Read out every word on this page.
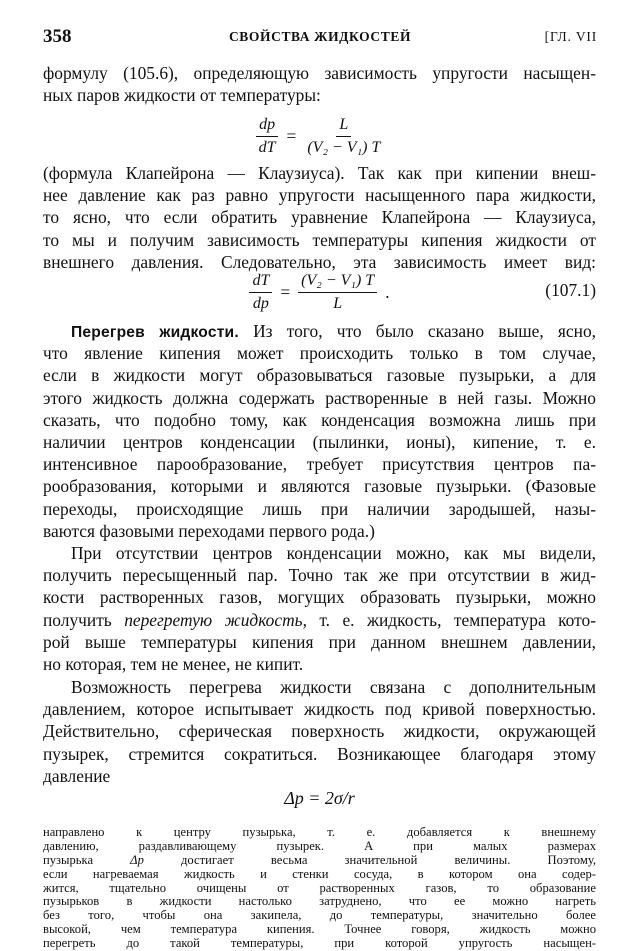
358	СВОЙСТВА ЖИДКОСТЕЙ	[ГЛ. VII
формулу (105.6), определяющую зависимость упругости насыщен-
ных паров жидкости от температуры:
$\frac{dp}{dT} = \frac{L}{\text{(V₂ − V₁) T}}$
(формула Клапейрона — Клаузиуса). Так как при кипении внеш-
нее давление как раз равно упругости насыщенного пара жидкости,
то ясно, что если обратить уравнение Клапейрона — Клаузиуса,
то мы и получим зависимость температуры кипения жидкости от
внешнего давления. Следовательно, эта зависимость имеет вид:
$\frac{dT}{dp} = \frac{\text{(V₂ − V₁) T}}{L}$ .	(107.1)
Перегрев жидкости. Из того, что было сказано выше, ясно,
что явление кипения может происходить только в том случае,
если в жидкости могут образовываться газовые пузырьки, а для
этого жидкость должна содержать растворенные в ней газы. Можно
сказать, что подобно тому, как конденсация возможна лишь при
наличии центров конденсации (пылинки, ионы), кипение, т. е.
интенсивное парообразование, требует присутствия центров па-
рообразования, которыми и являются газовые пузырьки. (Фазовые
переходы, происходящие лишь при наличии зародышей, назы-
ваются фазовыми переходами первого рода.)
При отсутствии центров конденсации можно, как мы видели,
получить пересыщенный пар. Точно так же при отсутствии в жид-
кости растворенных газов, могущих образовать пузырьки, можно
получить перегретую жидкость, т. е. жидкость, температура кото-
рой выше температуры кипения при данном внешнем давлении,
но которая, тем не менее, не кипит.
Возможность перегрева жидкости связана с дополнительным
давлением, которое испытывает жидкость под кривой поверхностью.
Действительно, сферическая поверхность жидкости, окружающей
пузырек, стремится сократиться. Возникающее благодаря этому
давление
Δp = 2σ/r
направлено к центру пузырька, т. е. добавляется к внешнему
давлению, раздавливающему пузырек. А при малых размерах
пузырька Δp достигает весьма значительной величины. Поэтому,
если нагреваемая жидкость и стенки сосуда, в котором она содер-
жится, тщательно очищены от растворенных газов, то образование
пузырьков в жидкости настолько затруднено, что ее можно нагреть
без того, чтобы она закипела, до температуры, значительно более
высокой, чем температура кипения. Точнее говоря, жидкость можно
перегреть до такой температуры, при которой упругость насыщен-
